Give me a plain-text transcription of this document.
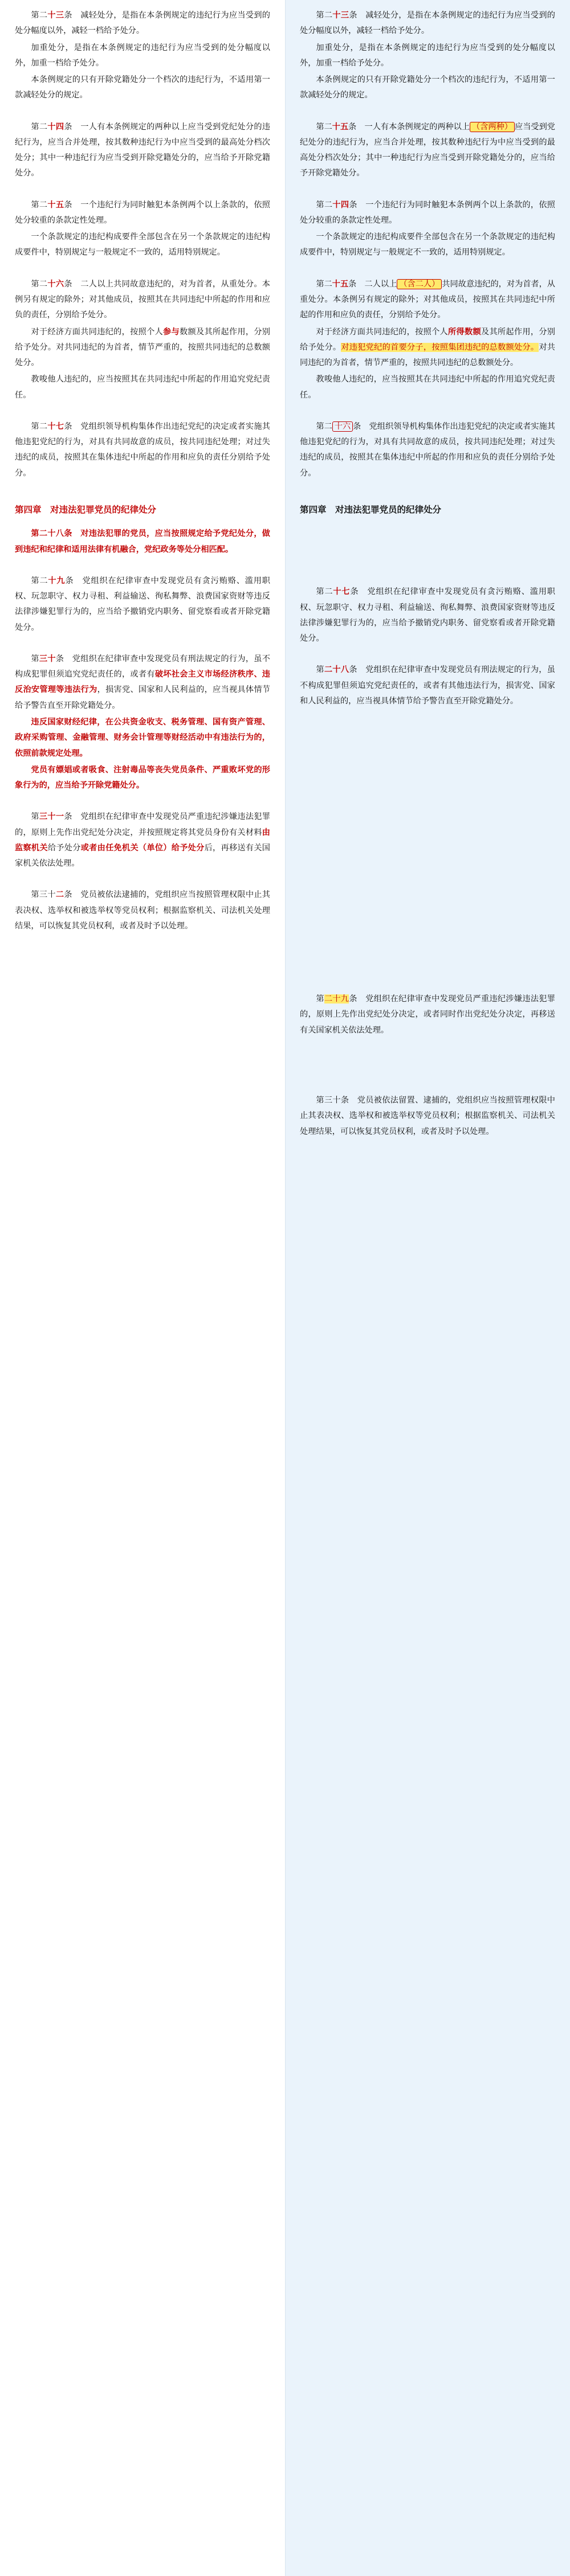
第二十三条　减轻处分，是指在本条例规定的违纪行为应当受到的处分幅度以外，减轻一档给予处分。

加重处分，是指在本条例规定的违纪行为应当受到的处分幅度以外，加重一档给予处分。

本条例规定的只有开除党籍处分一个档次的违纪行为，不适用第一款减轻处分的规定。

第二十四条　一人有本条例规定的两种以上应当受到党纪处分的违纪行为，应当合并处理，按其数种违纪行为中应当受到的最高处分档次处分；其中一种违纪行为应当受到开除党籍处分的，应当给予开除党籍处分。

第二十五条　一个违纪行为同时触犯本条例两个以上条款的，依照处分较重的条款定性处理。

一个条款规定的违纪构成要件全部包含在另一个条款规定的违纪构成要件中，特别规定与一般规定不一致的，适用特别规定。

第二十六条　二人以上共同故意违纪的，对为首者，从重处分。本例另有规定的除外；对其他成员，按照其在共同违纪中所起的作用和应负的责任，分别给予处分。

对于经济方面共同违纪的，按照个人参与数额及其所起作用，分别给予处分。对共同违纪的为首者，情节严重的，按照共同违纪的总数额处分。

教唆他人违纪的，应当按照其在共同违纪中所起的作用追究党纪责任。

第二十七条　党组织领导机构集体作出违纪党纪的决定或者实施其他违犯党纪的行为，对具有共同故意的成员，按共同违纪处理；对过失违纪的成员，按照其在集体违纪中所起的作用和应负的责任分别给予处分。

第四章　对违法犯罪党员的纪律处分

第二十八条　对违法犯罪的党员，应当按照规定给予党纪处分，做到违纪和纪律和适用法律有机融合，党纪政务等处分相匹配。

第二十九条　党组织在纪律审查中发现党员有贪污贿赂、滥用职权、玩忽职守、权力寻租、利益输送、徇私舞弊、浪费国家资财等违反法律涉嫌犯罪行为的，应当给予撤销党内职务、留党察看或者开除党籍处分。

第三十条　党组织在纪律审查中发现党员有刑法规定的行为，虽不构成犯罪但须追究党纪责任的，或者有破坏社会主义市场经济秩序、违反治安管理等违法行为，损害党、国家和人民利益的，应当视具体情节给予警告直至开除党籍处分。

违反国家财经纪律，在公共资金收支、税务管理、国有资产管理、政府采购管理、金融管理、财务会计管理等财经活动中有违法行为的，依照前款规定处理。

党员有嫖娼或者吸食、注射毒品等丧失党员条件、严重败坏党的形象行为的，应当给予开除党籍处分。

第三十一条　党组织在纪律审查中发现党员严重违纪涉嫌违法犯罪的，原则上先作出党纪处分决定，并按照规定将其党员身份有关材料由监察机关给予处分或者由任免机关（单位）给予处分后，再移送有关国家机关依法处理。

第三十二条　党员被依法逮捕的，党组织应当按照管理权限中止其表决权、选举权和被选举权等党员权利；根据监察机关、司法机关处理结果，可以恢复其党员权利，或者及时予以处理。

第二十三条　减轻处分，是指在本条例规定的违纪行为应当受到的处分幅度以外，减轻一档给予处分。

加重处分，是指在本条例规定的违纪行为应当受到的处分幅度以外，加重一档给予处分。

本条例规定的只有开除党籍处分一个档次的违纪行为，不适用第一款减轻处分的规定。

第二十五条　一人有本条例规定的两种以上 （含两种） 应当受到党纪处分的违纪行为，应当合并处理，按其数种违纪行为中应当受到的最高处分档次处分；其中一种违纪行为应当受到开除党籍处分的，应当给予开除党籍处分。

第二十四条　一个违纪行为同时触犯本条例两个以上条款的，依照处分较重的条款定性处理。

一个条款规定的违纪构成要件全部包含在另一个条款规定的违纪构成要件中，特别规定与一般规定不一致的，适用特别规定。

第二十五条　二人以上 （含二人） 共同故意违纪的，对为首者，从重处分。本条例另有规定的除外；对其他成员，按照其在共同违纪中所起的作用和应负的责任，分别给予处分。

对于经济方面共同违纪的，按照个人所得数额及其所起作用，分别给予处分。对违犯党纪的首要分子，按照集团违纪的总数额处分。对共同违纪的为首者，情节严重的，按照共同违纪的总数额处分。

教唆他人违纪的，应当按照其在共同违纪中所起的作用追究党纪责任。

第二 十六 条　党组织领导机构集体作出违犯党纪的决定或者实施其他违犯党纪的行为，对具有共同故意的成员，按共同违纪处理；对过失违纪的成员，按照其在集体违纪中所起的作用和应负的责任分别给予处分。

第四章　对违法犯罪党员的纪律处分

第二十七条　党组织在纪律审查中发现党员有贪污贿赂、滥用职权、玩忽职守、权力寻租、利益输送、徇私舞弊、浪费国家资财等违反法律涉嫌犯罪行为的，应当给予撤销党内职务、留党察看或者开除党籍处分。

第二十八条　党组织在纪律审查中发现党员有刑法规定的行为，虽不构成犯罪但须追究党纪责任的，或者有其他违法行为，损害党、国家和人民利益的，应当视具体情节给予警告直至开除党籍处分。

第二十九条　党组织在纪律审查中发现党员严重违纪涉嫌违法犯罪的，原则上先作出党纪处分决定，或者同时作出党纪处分决定，再移送有关国家机关依法处理。

第三十条　党员被依法留置、逮捕的，党组织应当按照管理权限中止其表决权、选举权和被选举权等党员权利；根据监察机关、司法机关处理结果，可以恢复其党员权利，或者及时予以处理。
